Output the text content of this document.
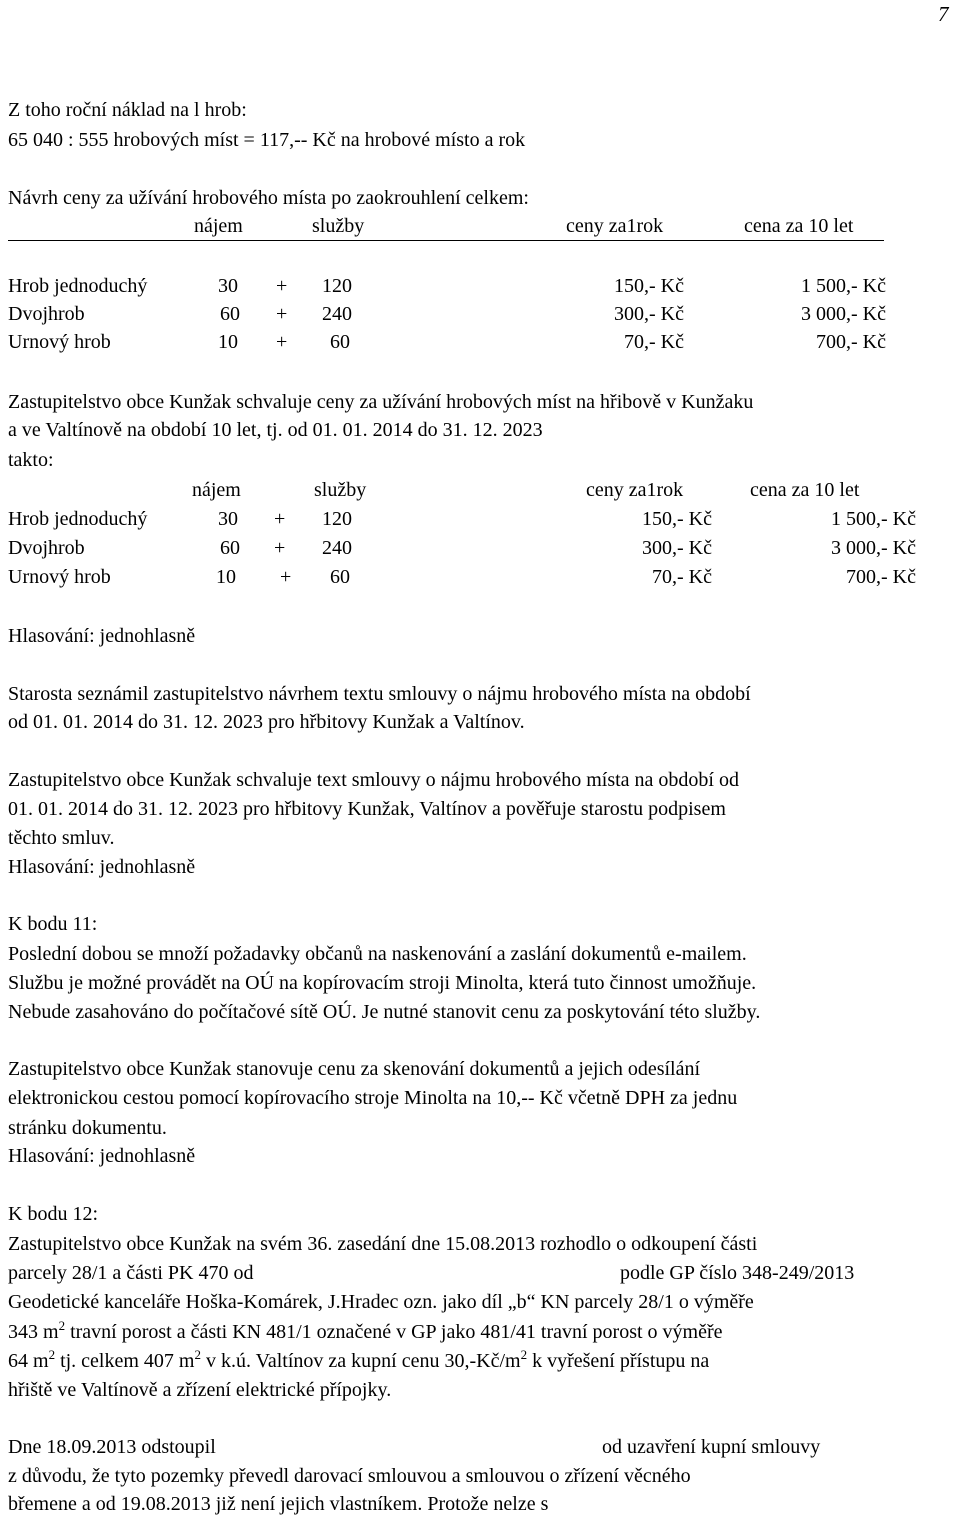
7
Z toho roční náklad na l hrob:
65 040 : 555 hrobových míst = 117,-- Kč na hrobové místo a rok
Návrh ceny za užívání hrobového místa po zaokrouhlení celkem:
nájem	služby	ceny za1rok	cena za 10 let
Hrob jednoduchý	30 + 120	150,- Kč	1 500,- Kč
Dvojhrob	60 + 240	300,- Kč	3 000,- Kč
Urnový hrob	10 + 60	70,- Kč	700,- Kč
Zastupitelstvo obce Kunžak schvaluje ceny za užívání hrobových míst na hřibově v Kunžaku
a ve Valtínově na období 10 let, tj. od 01. 01. 2014 do 31. 12. 2023
takto:
nájem	služby	ceny za1rok	cena za 10 let
Hrob jednoduchý	30 + 120	150,- Kč	1 500,- Kč
Dvojhrob	60 + 240	300,- Kč	3 000,- Kč
Urnový hrob	10 + 60	70,- Kč	700,- Kč
Hlasování: jednohlasně
Starosta seznámil zastupitelstvo návrhem textu smlouvy o nájmu hrobového místa na období
od 01. 01. 2014 do 31. 12. 2023 pro hřbitovy Kunžak a Valtínov.
Zastupitelstvo obce Kunžak schvaluje text smlouvy o nájmu hrobového místa na období od
01. 01. 2014 do 31. 12. 2023 pro hřbitovy Kunžak, Valtínov a pověřuje starostu podpisem
těchto smluv.
Hlasování: jednohlasně
K bodu 11:
Poslední dobou se množí požadavky občanů na naskenování a zaslání dokumentů e-mailem.
Službu je možné provádět na OÚ na kopírovacím stroji Minolta, která tuto činnost umožňuje.
Nebude zasahováno do počítačové sítě OÚ. Je nutné stanovit cenu za poskytování této služby.
Zastupitelstvo obce Kunžak stanovuje cenu za skenování dokumentů a jejich odesílání
elektronickou cestou pomocí kopírovacího stroje Minolta na 10,-- Kč včetně DPH za jednu
stránku dokumentu.
Hlasování: jednohlasně
K bodu 12:
Zastupitelstvo obce Kunžak na svém 36. zasedání dne 15.08.2013 rozhodlo o odkoupení části
parcely 28/1 a části PK 470 od	podle GP číslo 348-249/2013
Geodetické kanceláře Hoška-Komárek, J.Hradec ozn. jako díl „b“ KN parcely 28/1 o výměře
343 $m^2$ travní porost a části KN 481/1 označené v GP jako 481/41 travní porost o výměře
64 $m^2$ tj. celkem 407 $m^2$ v k.ú. Valtínov za kupní cenu $30,-Kč/m^2$ k vyřešení přístupu na
hřiště ve Valtínově a zřízení elektrické přípojky.
Dne 18.09.2013 odstoupil	od uzavření kupní smlouvy
z důvodu, že tyto pozemky převedl darovací smlouvou a smlouvou o zřízení věcného
břemene a od 19.08.2013 již není jejich vlastníkem. Protože nelze s
